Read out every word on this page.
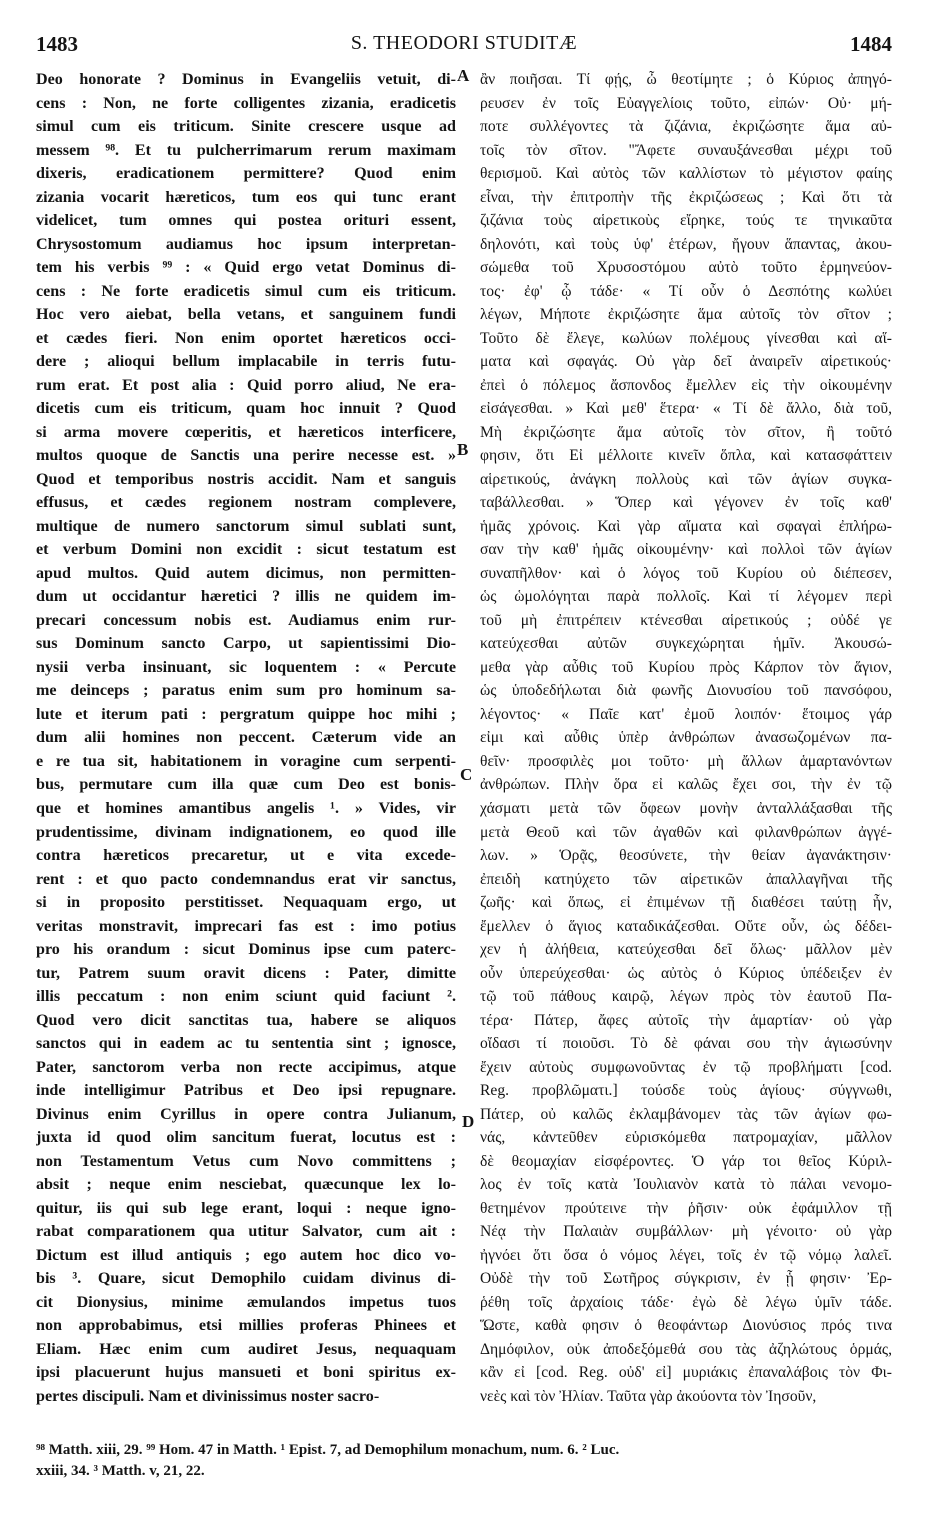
1483	S. THEODORI STUDITÆ	1484
Deo honorate ? Dominus in Evangeliis vetuit, di-
cens : Non, ne forte colligentes zizania, eradicetis
simul cum eis triticum. Sinite crescere usque ad
messem ⁹⁸. Et tu pulcherrimarum rerum maximam
dixeris, eradicationem permittere? Quod enim
zizania vocarit hæreticos, tum eos qui tunc erant
videlicet, tum omnes qui postea orituri essent,
Chrysostomum audiamus hoc ipsum interpretan-
tem his verbis ⁹⁹ : « Quid ergo vetat Dominus di-
cens : Ne forte eradicetis simul cum eis triticum.
Hoc vero aiebat, bella vetans, et sanguinem fundi
et cædes fieri. Non enim oportet hæreticos occi-
dere ; alioqui bellum implacabile in terris futu-
rum erat. Et post alia : Quid porro aliud, Ne era-
dicetis cum eis triticum, quam hoc innuit ? Quod
si arma movere cœperitis, et hæreticos interficere,
multos quoque de Sanctis una perire necesse est. »
Quod et temporibus nostris accidit. Nam et sanguis
effusus, et cædes regionem nostram complevere,
multique de numero sanctorum simul sublati sunt,
et verbum Domini non excidit : sicut testatum est
apud multos. Quid autem dicimus, non permitten-
dum ut occidantur hæretici ? illis ne quidem im-
precari concessum nobis est. Audiamus enim rur-
sus Dominum sancto Carpo, ut sapientissimi Dio-
nysii verba insinuant, sic loquentem : « Percute
me deinceps ; paratus enim sum pro hominum sa-
lute et iterum pati : pergratum quippe hoc mihi ;
dum alii homines non peccent. Cæterum vide an
e re tua sit, habitationem in voragine cum serpenti-
bus, permutare cum illa quæ cum Deo est bonis-
que et homines amantibus angelis ¹. » Vides, vir
prudentissime, divinam indignationem, eo quod ille
contra hæreticos precaretur, ut e vita excede-
rent : et quo pacto condemnandus erat vir sanctus,
si in proposito perstitisset. Nequaquam ergo, ut
veritas monstravit, imprecari fas est : imo potius
pro his orandum : sicut Dominus ipse cum paterc-
tur, Patrem suum oravit dicens : Pater, dimitte
illis peccatum : non enim sciunt quid faciunt ².
Quod vero dicit sanctitas tua, habere se aliquos
sanctos qui in eadem ac tu sententia sint ; ignosce,
Pater, sanctorom verba non recte accipimus, atque
inde intelligimur Patribus et Deo ipsi repugnare.
Divinus enim Cyrillus in opere contra Julianum,
juxta id quod olim sancitum fuerat, locutus est :
non Testamentum Vetus cum Novo committens ;
absit ; neque enim nesciebat, quæcunque lex lo-
quitur, iis qui sub lege erant, loqui : neque igno-
rabat comparationem qua utitur Salvator, cum ait :
Dictum est illud antiquis ; ego autem hoc dico vo-
bis ³. Quare, sicut Demophilo cuidam divinus di-
cit Dionysius, minime æmulandos impetus tuos
non approbabimus, etsi millies proferas Phinees et
Eliam. Hæc enim cum audiret Jesus, nequaquam
ipsi placuerunt hujus mansueti et boni spiritus ex-
pertes discipuli. Nam et divinissimus noster sacro-
ἂν ποιῆσαι. Τί φῄς, ὦ θεοτίμητε ; ὁ Κύριος ἀπηγό-
ρευσεν ἐν τοῖς Εὐαγγελίοις τοῦτο, εἰπών· Οὐ· μή-
ποτε συλλέγοντες τὰ ζιζάνια, ἐκριζώσητε ἅμα αὐ-
τοῖς τὸν σῖτον. "Ἄφετε συναυξάνεσθαι μέχρι τοῦ
θερισμοῦ. Καὶ αὐτὸς τῶν καλλίστων τὸ μέγιστον φαίης
εἶναι, τὴν ἐπιτροπὴν τῆς ἐκριζώσεως ; Καὶ ὅτι τὰ
ζιζάνια τοὺς αἱρετικοὺς εἴρηκε, τούς τε τηνικαῦτα
δηλονότι, καὶ τοὺς ὑφ' ἑτέρων, ἤγουν ἅπαντας, ἀκου-
σώμεθα τοῦ Χρυσοστόμου αὐτὸ τοῦτο ἑρμηνεύον-
τος· ἐφ' ᾧ τάδε· « Τί οὖν ὁ Δεσπότης κωλύει
λέγων, Μήποτε ἐκριζώσητε ἅμα αὐτοῖς τὸν σῖτον ;
Τοῦτο δὲ ἔλεγε, κωλύων πολέμους γίνεσθαι καὶ αἵ-
ματα καὶ σφαγάς. Οὐ γὰρ δεῖ ἀναιρεῖν αἱρετικούς·
ἐπεὶ ὁ πόλεμος ἄσπονδος ἔμελλεν εἰς τὴν οἰκουμένην
εἰσάγεσθαι. » Καὶ μεθ' ἕτερα· « Τί δὲ ἄλλο, διὰ τοῦ,
Μὴ ἐκριζώσητε ἅμα αὐτοῖς τὸν σῖτον, ἢ τοῦτό
φησιν, ὅτι Εἰ μέλλοιτε κινεῖν ὅπλα, καὶ κατασφάττειν
αἱρετικούς, ἀνάγκη πολλοὺς καὶ τῶν ἁγίων συγκα-
ταβάλλεσθαι. » Ὅπερ καὶ γέγονεν ἐν τοῖς καθ'
ἡμᾶς χρόνοις. Καὶ γὰρ αἵματα καὶ σφαγαὶ ἐπλήρω-
σαν τὴν καθ' ἡμᾶς οἰκουμένην· καὶ πολλοὶ τῶν ἁγίων
συναπῆλθον· καὶ ὁ λόγος τοῦ Κυρίου οὐ διέπεσεν,
ὡς ὡμολόγηται παρὰ πολλοῖς. Καὶ τί λέγομεν περὶ
τοῦ μὴ ἐπιτρέπειν κτένεσθαι αἱρετικούς ; οὐδέ γε
κατεύχεσθαι αὐτῶν συγκεχώρηται ἡμῖν. Ἀκουσώ-
μεθα γὰρ αὖθις τοῦ Κυρίου πρὸς Κάρπον τὸν ἅγιον,
ὡς ὑποδεδήλωται διὰ φωνῆς Διονυσίου τοῦ πανσόφου,
λέγοντος· « Παῖε κατ' ἐμοῦ λοιπόν· ἕτοιμος γάρ
εἰμι καὶ αὖθις ὑπὲρ ἀνθρώπων ἀνασωζομένων πα-
θεῖν· προσφιλὲς μοι τοῦτο· μὴ ἄλλων ἁμαρτανόντων
ἀνθρώπων. Πλὴν ὅρα εἰ καλῶς ἔχει σοι, τὴν ἐν τῷ
χάσματι μετὰ τῶν ὄφεων μονὴν ἀνταλλάξασθαι τῆς
μετὰ Θεοῦ καὶ τῶν ἀγαθῶν καὶ φιλανθρώπων ἀγγέ-
λων. » Ὁρᾷς, θεοσύνετε, τὴν θείαν ἀγανάκτησιν·
ἐπειδὴ κατηύχετο τῶν αἱρετικῶν ἀπαλλαγῆναι τῆς
ζωῆς· καὶ ὅπως, εἰ ἐπιμένων τῇ διαθέσει ταύτῃ ἦν,
ἔμελλεν ὁ ἅγιος καταδικάζεσθαι. Οὔτε οὖν, ὡς δέδει-
χεν ἡ ἀλήθεια, κατεύχεσθαι δεῖ ὅλως· μᾶλλον μὲν
οὖν ὑπερεύχεσθαι· ὡς αὐτὸς ὁ Κύριος ὑπέδειξεν ἐν
τῷ τοῦ πάθους καιρῷ, λέγων πρὸς τὸν ἑαυτοῦ Πα-
τέρα· Πάτερ, ἄφες αὐτοῖς τὴν ἁμαρτίαν· οὐ γὰρ
οἴδασι τί ποιοῦσι. Τὸ δὲ φάναι σου τὴν ἁγιωσύνην
ἔχειν αὐτοὺς συμφωνοῦντας ἐν τῷ προβλήματι [cod.
Reg. προβλῶματι.] τούσδε τοὺς ἁγίους· σύγγνωθι,
Πάτερ, οὐ καλῶς ἐκλαμβάνομεν τὰς τῶν ἁγίων φω-
νάς, κἀντεῦθεν εὑρισκόμεθα πατρομαχίαν, μᾶλλον
δὲ θεομαχίαν εἰσφέροντες. Ὁ γάρ τοι θεῖος Κύριλ-
λος ἐν τοῖς κατὰ Ἰουλιανὸν κατὰ τὸ πάλαι νενομο-
θετημένον προύτεινε τὴν ῥῆσιν· οὐκ ἐφάμιλλον τῇ
Νέᾳ τὴν Παλαιὰν συμβάλλων· μὴ γένοιτο· οὐ γὰρ
ἠγνόει ὅτι ὅσα ὁ νόμος λέγει, τοῖς ἐν τῷ νόμῳ λαλεῖ.
Οὐδὲ τὴν τοῦ Σωτῆρος σύγκρισιν, ἐν ᾗ φησιν· Ἐρ-
ῥέθη τοῖς ἀρχαίοις τάδε· ἐγὼ δὲ λέγω ὑμῖν τάδε.
Ὥστε, καθὰ φησιν ὁ θεοφάντωρ Διονύσιος πρός τινα
Δημόφιλον, οὐκ ἀποδεξόμεθά σου τὰς ἀζηλώτους ὁρμάς,
κἂν εἰ [cod. Reg. οὐδ' εἰ] μυριάκις ἐπαναλάβοις τὸν Φι-
νεὲς καὶ τὸν Ἠλίαν. Ταῦτα γὰρ ἀκούοντα τὸν Ἰησοῦν,
A
B
C
D
⁹⁸ Matth. xiii, 29. ⁹⁹ Hom. 47 in Matth. ¹ Epist. 7, ad Demophilum monachum, num. 6. ² Luc.
xxiii, 34. ³ Matth. v, 21, 22.
